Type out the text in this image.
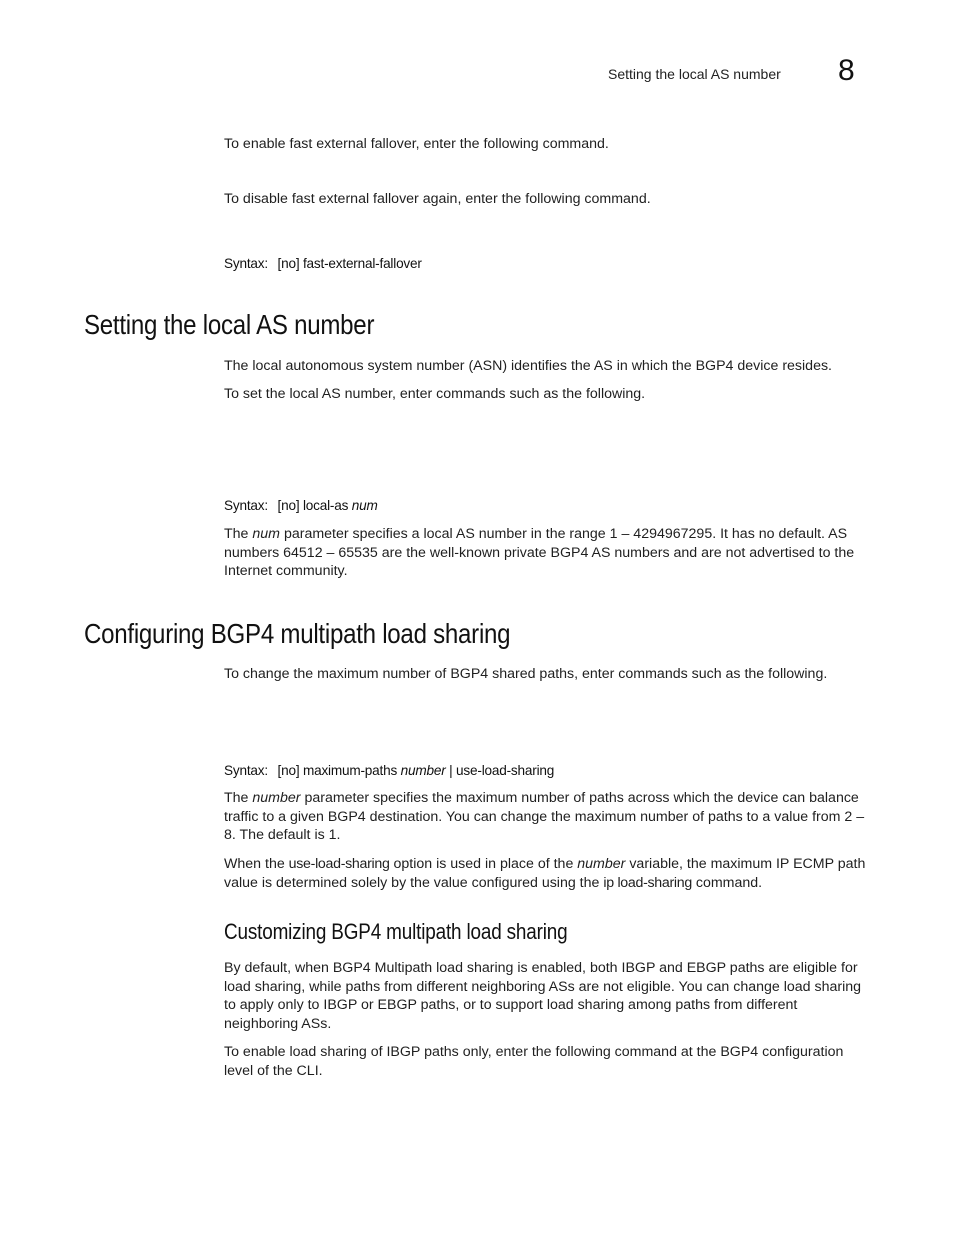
Setting the local AS number 8
To enable fast external fallover, enter the following command.
To disable fast external fallover again, enter the following command.
Syntax: [no] fast-external-fallover
Setting the local AS number
The local autonomous system number (ASN) identifies the AS in which the BGP4 device resides.
To set the local AS number, enter commands such as the following.
Syntax: [no] local-as num
The num parameter specifies a local AS number in the range 1 – 4294967295. It has no default. AS numbers 64512 – 65535 are the well-known private BGP4 AS numbers and are not advertised to the Internet community.
Configuring BGP4 multipath load sharing
To change the maximum number of BGP4 shared paths, enter commands such as the following.
Syntax: [no] maximum-paths number | use-load-sharing
The number parameter specifies the maximum number of paths across which the device can balance traffic to a given BGP4 destination. You can change the maximum number of paths to a value from 2 – 8. The default is 1.
When the use-load-sharing option is used in place of the number variable, the maximum IP ECMP path value is determined solely by the value configured using the ip load-sharing command.
Customizing BGP4 multipath load sharing
By default, when BGP4 Multipath load sharing is enabled, both IBGP and EBGP paths are eligible for load sharing, while paths from different neighboring ASs are not eligible. You can change load sharing to apply only to IBGP or EBGP paths, or to support load sharing among paths from different neighboring ASs.
To enable load sharing of IBGP paths only, enter the following command at the BGP4 configuration level of the CLI.
